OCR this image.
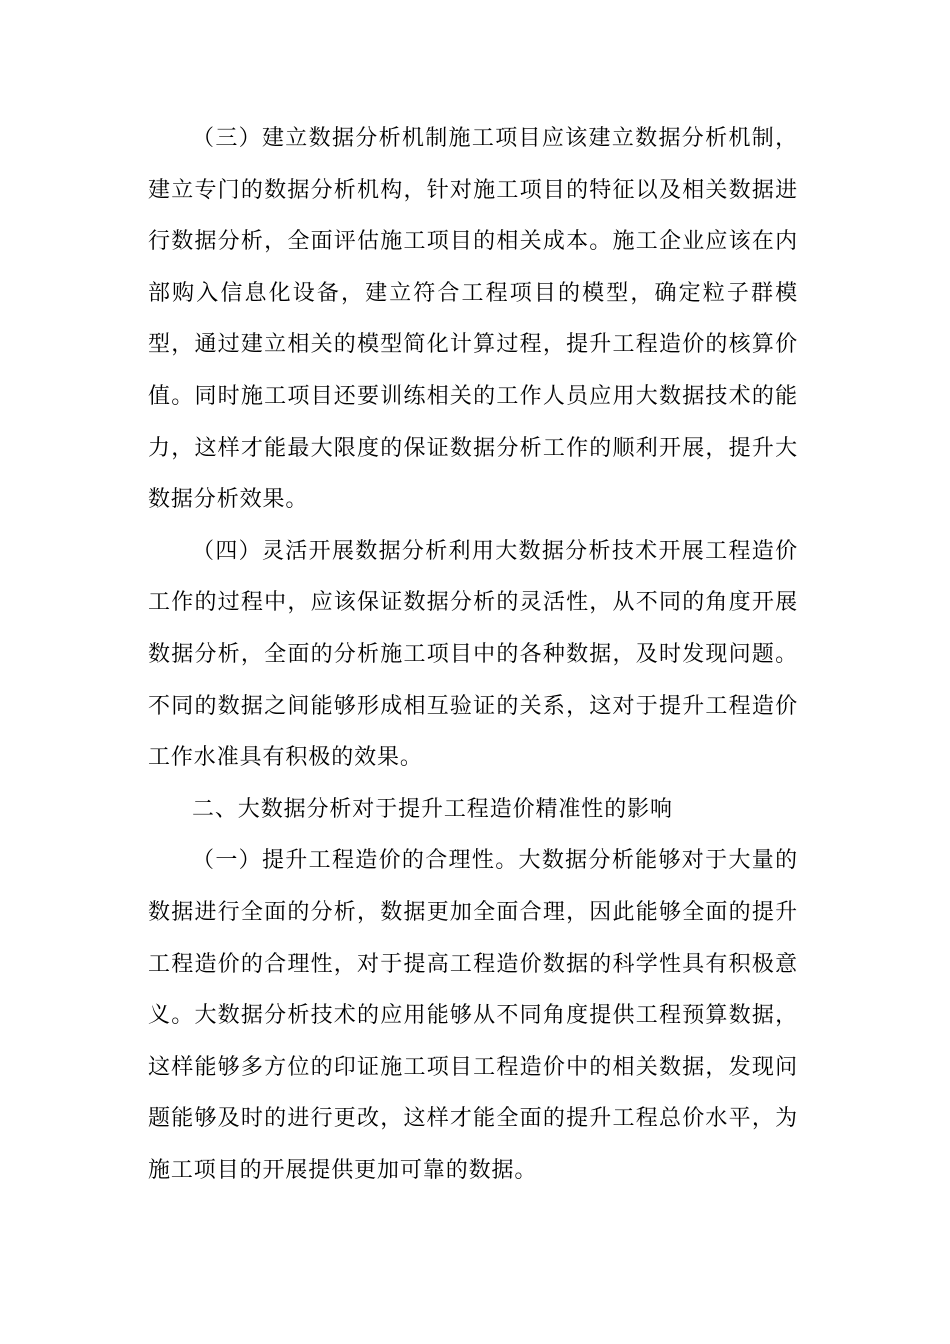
（三）建立数据分析机制施工项目应该建立数据分析机制，建立专门的数据分析机构，针对施工项目的特征以及相关数据进行数据分析，全面评估施工项目的相关成本。施工企业应该在内部购入信息化设备，建立符合工程项目的模型，确定粒子群模型，通过建立相关的模型简化计算过程，提升工程造价的核算价值。同时施工项目还要训练相关的工作人员应用大数据技术的能力，这样才能最大限度的保证数据分析工作的顺利开展，提升大数据分析效果。

（四）灵活开展数据分析利用大数据分析技术开展工程造价工作的过程中，应该保证数据分析的灵活性，从不同的角度开展数据分析，全面的分析施工项目中的各种数据，及时发现问题。不同的数据之间能够形成相互验证的关系，这对于提升工程造价工作水准具有积极的效果。

二、大数据分析对于提升工程造价精准性的影响

（一）提升工程造价的合理性。大数据分析能够对于大量的数据进行全面的分析，数据更加全面合理，因此能够全面的提升工程造价的合理性，对于提高工程造价数据的科学性具有积极意义。大数据分析技术的应用能够从不同角度提供工程预算数据，这样能够多方位的印证施工项目工程造价中的相关数据，发现问题能够及时的进行更改，这样才能全面的提升工程总价水平，为施工项目的开展提供更加可靠的数据。
